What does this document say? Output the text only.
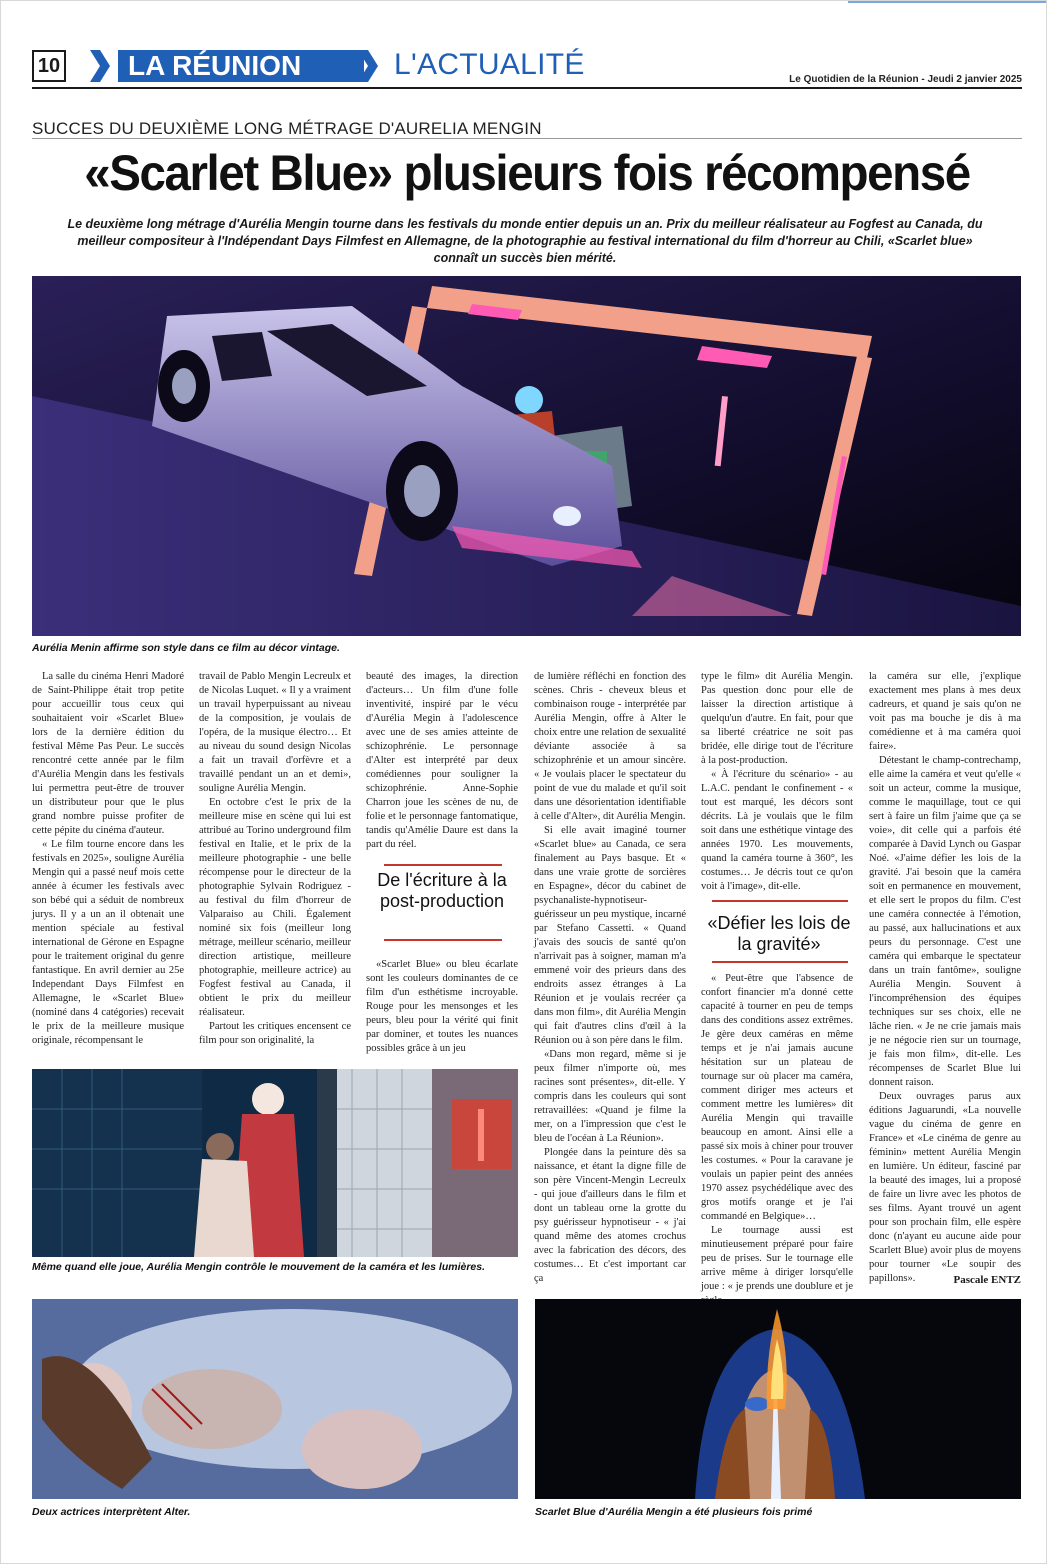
10 LA RÉUNION	L'ACTUALITÉ	Le Quotidien de la Réunion - Jeudi 2 janvier 2025
SUCCES DU DEUXIÈME LONG MÉTRAGE D'AURELIA MENGIN
«Scarlet Blue» plusieurs fois récompensé
Le deuxième long métrage d'Aurélia Mengin tourne dans les festivals du monde entier depuis un an. Prix du meilleur réalisateur au Fogfest au Canada, du meilleur compositeur à l'Indépendant Days Filmfest en Allemagne, de la photographie au festival international du film d'horreur au Chili, «Scarlet blue» connaît un succès bien mérité.
Aurélia Menin affirme son style dans ce film au décor vintage.

La salle du cinéma Henri Madoré de Saint-Philippe était trop petite pour accueillir tous ceux qui souhaitaient voir «Scarlet Blue» lors de la dernière édition du festival Même Pas Peur. Le succès rencontré cette année par le film d'Aurélia Mengin dans les festivals lui permettra peut-être de trouver un distributeur pour que le plus grand nombre puisse profiter de cette pépite du cinéma d'auteur.

« Le film tourne encore dans les festivals en 2025», souligne Aurélia Mengin qui a passé neuf mois cette année à écumer les festivals avec son bébé qui a séduit de nombreux jurys. Il y a un an il obtenait une mention spéciale au festival international de Gérone en Espagne pour le traitement original du genre fantastique. En avril dernier au 25e Independant Days Filmfest en Allemagne, le «Scarlet Blue» (nominé dans 4 catégories) recevait le prix de la meilleure musique originale, récompensant le

travail de Pablo Mengin Lecreulx et de Nicolas Luquet. « Il y a vraiment un travail hyperpuissant au niveau de la composition, je voulais de l'opéra, de la musique électro… Et au niveau du sound design Nicolas a fait un travail d'orfèvre et a travaillé pendant un an et demi», souligne Aurélia Mengin.

En octobre c'est le prix de la meilleure mise en scène qui lui est attribué au Torino underground film festival en Italie, et le prix de la meilleure photographie - une belle récompense pour le directeur de la photographie Sylvain Rodriguez - au festival du film d'horreur de Valparaiso au Chili. Également nominé six fois (meilleur long métrage, meilleur scénario, meilleur direction artistique, meilleure photographie, meilleure actrice) au Fogfest festival au Canada, il obtient le prix du meilleur réalisateur.

Partout les critiques encensent ce film pour son originalité, la

beauté des images, la direction d'acteurs… Un film d'une folle inventivité, inspiré par le vécu d'Aurélia Megin à l'adolescence avec une de ses amies atteinte de schizophrénie. Le personnage d'Alter est interprété par deux comédiennes pour souligner la schizophrénie. Anne-Sophie Charron joue les scènes de nu, de folie et le personnage fantomatique, tandis qu'Amélie Daure est dans la part du réel.

De l'écriture à la post-production

«Scarlet Blue» ou bleu écarlate sont les couleurs dominantes de ce film d'un esthétisme incroyable. Rouge pour les mensonges et les peurs, bleu pour la vérité qui finit par dominer, et toutes les nuances possibles grâce à un jeu

de lumière réfléchi en fonction des scènes. Chris - cheveux bleus et combinaison rouge - interprétée par Aurélia Mengin, offre à Alter le choix entre une relation de sexualité déviante associée à sa schizophrénie et un amour sincère. « Je voulais placer le spectateur du point de vue du malade et qu'il soit dans une désorientation identifiable à celle d'Alter», dit Aurélia Mengin.

Si elle avait imaginé tourner «Scarlet blue» au Canada, ce sera finalement au Pays basque. Et « dans une vraie grotte de sorcières en Espagne», décor du cabinet de psychanaliste-hypnotiseur-guérisseur un peu mystique, incarné par Stefano Cassetti. « Quand j'avais des soucis de santé qu'on n'arrivait pas à soigner, maman m'a emmené voir des prieurs dans des endroits assez étranges à La Réunion et je voulais recréer ça dans mon film», dit Aurélia Mengin qui fait d'autres clins d'œil à la Réunion ou à son père dans le film.

«Dans mon regard, même si je peux filmer n'importe où, mes racines sont présentes», dit-elle. Y compris dans les couleurs qui sont retravaillées: «Quand je filme la mer, on a l'impression que c'est le bleu de l'océan à La Réunion».

Plongée dans la peinture dès sa naissance, et étant la digne fille de son père Vincent-Mengin Lecreulx - qui joue d'ailleurs dans le film et dont un tableau orne la grotte du psy guérisseur hypnotiseur - « j'ai quand même des atomes crochus avec la fabrication des décors, des costumes… Et c'est important car ça

type le film» dit Aurélia Mengin. Pas question donc pour elle de laisser la direction artistique à quelqu'un d'autre. En fait, pour que sa liberté créatrice ne soit pas bridée, elle dirige tout de l'écriture à la post-production.

« À l'écriture du scénario» - au L.A.C. pendant le confinement - « tout est marqué, les décors sont décrits. Là je voulais que le film soit dans une esthétique vintage des années 1970. Les mouvements, quand la caméra tourne à 360°, les costumes… Je décris tout ce qu'on voit à l'image», dit-elle.

«Défier les lois de la gravité»

« Peut-être que l'absence de confort financier m'a donné cette capacité à tourner en peu de temps dans des conditions assez extrêmes. Je gère deux caméras en même temps et je n'ai jamais aucune hésitation sur un plateau de tournage sur où placer ma caméra, comment diriger mes acteurs et comment mettre les lumières» dit Aurélia Mengin qui travaille beaucoup en amont. Ainsi elle a passé six mois à chiner pour trouver les costumes. « Pour la caravane je voulais un papier peint des années 1970 assez psychédélique avec des gros motifs orange et je l'ai commandé en Belgique»…

Le tournage aussi est minutieusement préparé pour faire peu de prises. Sur le tournage elle arrive même à diriger lorsqu'elle joue : « je prends une doublure et je

la caméra sur elle, j'explique exactement mes plans à mes deux cadreurs, et quand je sais qu'on ne voit pas ma bouche je dis à ma comédienne et à ma caméra quoi faire».

Détestant le champ-contrechamp, elle aime la caméra et veut qu'elle « soit un acteur, comme la musique, comme le maquillage, tout ce qui sert à faire un film j'aime que ça se voie», dit celle qui a parfois été comparée à David Lynch ou Gaspar Noé. «J'aime défier les lois de la gravité. J'ai besoin que la caméra soit en permanence en mouvement, et elle sert le propos du film. C'est une caméra connectée à l'émotion, au passé, aux hallucinations et aux peurs du personnage. C'est une caméra qui embarque le spectateur dans un train fantôme», souligne Aurélia Mengin. Souvent à l'incompréhension des équipes techniques sur ses choix, elle ne lâche rien. « Je ne crie jamais mais je ne négocie rien sur un tournage, je fais mon film», dit-elle. Les récompenses de Scarlet Blue lui donnent raison.

Deux ouvrages parus aux éditions Jaguarundi, «La nouvelle vague du cinéma de genre en France» et «Le cinéma de genre au féminin» mettent Aurélia Mengin en lumière. Un éditeur, fasciné par la beauté des images, lui a proposé de faire un livre avec les photos de ses films. Ayant trouvé un agent pour son prochain film, elle espère donc (n'ayant eu aucune aide pour Scarlett Blue) avoir plus de moyens pour tourner «Le soupir des papillons».	Pascale ENTZ
Même quand elle joue, Aurélia Mengin contrôle le mouvement de la caméra et les lumières.
Deux actrices interprètent Alter.	Scarlet Blue d'Aurélia Mengin a été plusieurs fois primé
